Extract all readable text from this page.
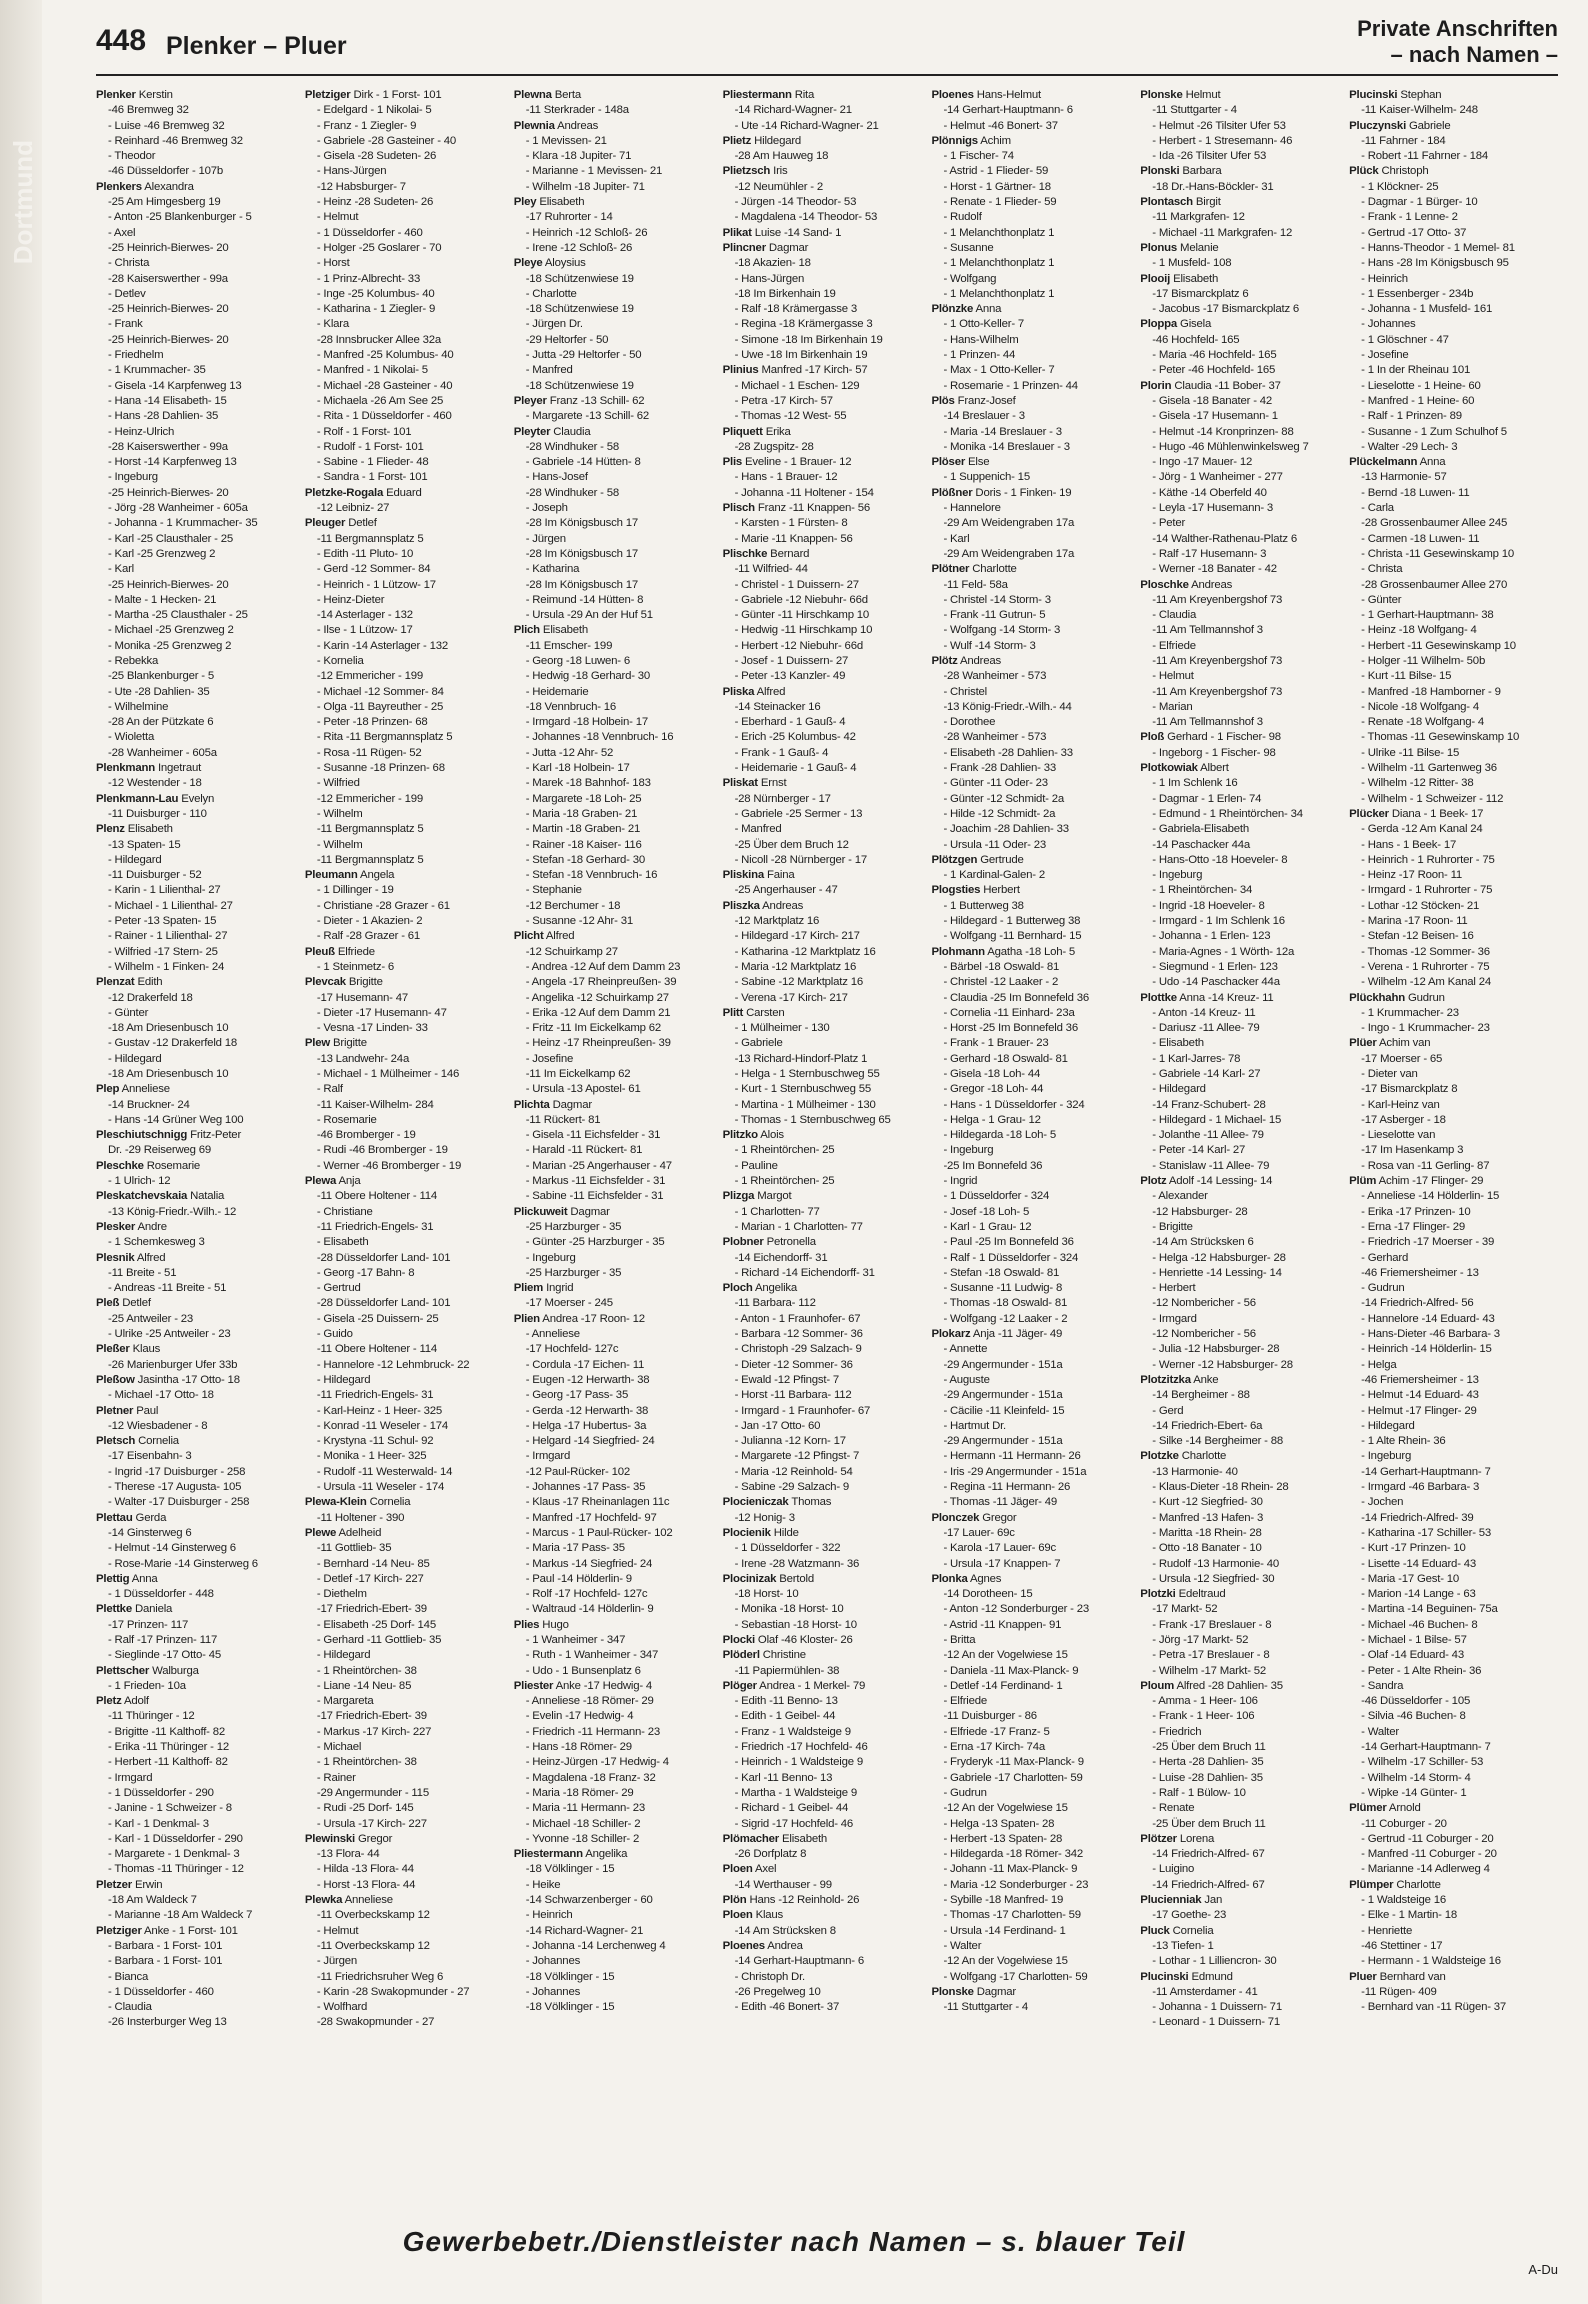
Dortmund
448 Plenker – Pluer
Private Anschriften
– nach Namen –
Plenker Kerstin
-46 Bremweg 32
- Luise -46 Bremweg 32
- Reinhard -46 Bremweg 32
- Theodor
-46 Düsseldorfer - 107b
Plenkers Alexandra
-25 Am Himgesberg 19
- Anton -25 Blankenburger - 5
- Axel
-25 Heinrich-Bierwes- 20
- Christa
-28 Kaiserswerther - 99a
- Detlev
-25 Heinrich-Bierwes- 20
- Frank
-25 Heinrich-Bierwes- 20
- Friedhelm
- 1 Krummacher- 35
- Gisela -14 Karpfenweg 13
- Hana -14 Elisabeth- 15
- Hans -28 Dahlien- 35
- Heinz-Ulrich
-28 Kaiserswerther - 99a
- Horst -14 Karpfenweg 13
- Ingeburg
-25 Heinrich-Bierwes- 20
- Jörg -28 Wanheimer - 605a
- Johanna - 1 Krummacher- 35
- Karl -25 Clausthaler - 25
- Karl -25 Grenzweg 2
- Karl
-25 Heinrich-Bierwes- 20
- Malte - 1 Hecken- 21
- Martha -25 Clausthaler - 25
- Michael -25 Grenzweg 2
- Monika -25 Grenzweg 2
- Rebekka
-25 Blankenburger - 5
- Ute -28 Dahlien- 35
- Wilhelmine
-28 An der Pützkate 6
- Wioletta
-28 Wanheimer - 605a
Plenkmann Ingetraut
-12 Westender - 18
Plenkmann-Lau Evelyn
-11 Duisburger - 110
Plenz Elisabeth
-13 Spaten- 15
- Hildegard
-11 Duisburger - 52
- Karin - 1 Lilienthal- 27
- Michael - 1 Lilienthal- 27
- Peter -13 Spaten- 15
- Rainer - 1 Lilienthal- 27
- Wilfried -17 Stern- 25
- Wilhelm - 1 Finken- 24
Plenzat Edith
-12 Drakerfeld 18
- Günter
-18 Am Driesenbusch 10
- Gustav -12 Drakerfeld 18
- Hildegard
-18 Am Driesenbusch 10
Plep Anneliese
-14 Bruckner- 24
- Hans -14 Grüner Weg 100
Pleschiutschnigg Fritz-Peter
Dr. -29 Reiserweg 69
Pleschke Rosemarie
- 1 Ulrich- 12
Pleskatchevskaia Natalia
-13 König-Friedr.-Wilh.- 12
Plesker Andre
- 1 Schemkesweg 3
Plesnik Alfred
-11 Breite - 51
- Andreas -11 Breite - 51
Pleß Detlef
-25 Antweiler - 23
- Ulrike -25 Antweiler - 23
Pleßer Klaus
-26 Marienburger Ufer 33b
Pleßow Jasintha -17 Otto- 18
- Michael -17 Otto- 18
Pletner Paul
-12 Wiesbadener - 8
Pletsch Cornelia
-17 Eisenbahn- 3
- Ingrid -17 Duisburger - 258
- Therese -17 Augusta- 105
- Walter -17 Duisburger - 258
Plettau Gerda
-14 Ginsterweg 6
- Helmut -14 Ginsterweg 6
- Rose-Marie -14 Ginsterweg 6
Plettig Anna
- 1 Düsseldorfer - 448
Plettke Daniela
-17 Prinzen- 117
- Ralf -17 Prinzen- 117
- Sieglinde -17 Otto- 45
Plettscher Walburga
- 1 Frieden- 10a
Pletz Adolf
-11 Thüringer - 12
- Brigitte -11 Kalthoff- 82
- Erika -11 Thüringer - 12
- Herbert -11 Kalthoff- 82
- Irmgard
- 1 Düsseldorfer - 290
- Janine - 1 Schweizer - 8
- Karl - 1 Denkmal- 3
- Karl - 1 Düsseldorfer - 290
- Margarete - 1 Denkmal- 3
- Thomas -11 Thüringer - 12
Pletzer Erwin
-18 Am Waldeck 7
- Marianne -18 Am Waldeck 7
Pletziger Anke - 1 Forst- 101
- Barbara - 1 Forst- 101
- Barbara - 1 Forst- 101
- Bianca
- 1 Düsseldorfer - 460
- Claudia
-26 Insterburger Weg 13
Pletziger Dirk - 1 Forst- 101
- Edelgard - 1 Nikolai- 5
- Franz - 1 Ziegler- 9
- Gabriele -28 Gasteiner - 40
- Gisela -28 Sudeten- 26
- Hans-Jürgen
-12 Habsburger- 7
- Heinz -28 Sudeten- 26
- Helmut
- 1 Düsseldorfer - 460
- Holger -25 Goslarer - 70
- Horst
- 1 Prinz-Albrecht- 33
- Inge -25 Kolumbus- 40
- Katharina - 1 Ziegler- 9
- Klara
-28 Innsbrucker Allee 32a
- Manfred -25 Kolumbus- 40
- Manfred - 1 Nikolai- 5
- Michael -28 Gasteiner - 40
- Michaela -26 Am See 25
- Rita - 1 Düsseldorfer - 460
- Rolf - 1 Forst- 101
- Rudolf - 1 Forst- 101
- Sabine - 1 Flieder- 48
- Sandra - 1 Forst- 101
Pletzke-Rogala Eduard
-12 Leibniz- 27
Pleuger Detlef
-11 Bergmannsplatz 5
- Edith -11 Pluto- 10
- Gerd -12 Sommer- 84
- Heinrich - 1 Lützow- 17
- Heinz-Dieter
-14 Asterlager - 132
- Ilse - 1 Lützow- 17
- Karin -14 Asterlager - 132
- Kornelia
-12 Emmericher - 199
- Michael -12 Sommer- 84
- Olga -11 Bayreuther - 25
- Peter -18 Prinzen- 68
- Rita -11 Bergmannsplatz 5
- Rosa -11 Rügen- 52
- Susanne -18 Prinzen- 68
- Wilfried
-12 Emmericher - 199
- Wilhelm
-11 Bergmannsplatz 5
- Wilhelm
-11 Bergmannsplatz 5
Pleumann Angela
- 1 Dillinger - 19
- Christiane -28 Grazer - 61
- Dieter - 1 Akazien- 2
- Ralf -28 Grazer - 61
Pleuß Elfriede
- 1 Steinmetz- 6
Plevcak Brigitte
-17 Husemann- 47
- Dieter -17 Husemann- 47
- Vesna -17 Linden- 33
Plew Brigitte
-13 Landwehr- 24a
- Michael - 1 Mülheimer - 146
- Ralf
-11 Kaiser-Wilhelm- 284
- Rosemarie
-46 Bromberger - 19
- Rudi -46 Bromberger - 19
- Werner -46 Bromberger - 19
Plewa Anja
-11 Obere Holtener - 114
- Christiane
-11 Friedrich-Engels- 31
- Elisabeth
-28 Düsseldorfer Land- 101
- Georg -17 Bahn- 8
- Gertrud
-28 Düsseldorfer Land- 101
- Gisela -25 Duissern- 25
- Guido
-11 Obere Holtener - 114
- Hannelore -12 Lehmbruck- 22
- Hildegard
-11 Friedrich-Engels- 31
- Karl-Heinz - 1 Heer- 325
- Konrad -11 Weseler - 174
- Krystyna -11 Schul- 92
- Monika - 1 Heer- 325
- Rudolf -11 Westerwald- 14
- Ursula -11 Weseler - 174
Plewa-Klein Cornelia
-11 Holtener - 390
Plewe Adelheid
-11 Gottlieb- 35
- Bernhard -14 Neu- 85
- Detlef -17 Kirch- 227
- Diethelm
-17 Friedrich-Ebert- 39
- Elisabeth -25 Dorf- 145
- Gerhard -11 Gottlieb- 35
- Hildegard
- 1 Rheintörchen- 38
- Liane -14 Neu- 85
- Margareta
-17 Friedrich-Ebert- 39
- Markus -17 Kirch- 227
- Michael
- 1 Rheintörchen- 38
- Rainer
-29 Angermunder - 115
- Rudi -25 Dorf- 145
- Ursula -17 Kirch- 227
Plewinski Gregor
-13 Flora- 44
- Hilda -13 Flora- 44
- Horst -13 Flora- 44
Plewka Anneliese
-11 Overbeckskamp 12
- Helmut
-11 Overbeckskamp 12
- Jürgen
-11 Friedrichsruher Weg 6
- Karin -28 Swakopmunder - 27
- Wolfhard
-28 Swakopmunder - 27
Plewna Berta
-11 Sterkrader - 148a
Plewnia Andreas
- 1 Mevissen- 21
- Klara -18 Jupiter- 71
- Marianne - 1 Mevissen- 21
- Wilhelm -18 Jupiter- 71
Pley Elisabeth
-17 Ruhrorter - 14
- Heinrich -12 Schloß- 26
- Irene -12 Schloß- 26
Pleye Aloysius
-18 Schützenwiese 19
- Charlotte
-18 Schützenwiese 19
- Jürgen Dr.
-29 Heltorfer - 50
- Jutta -29 Heltorfer - 50
- Manfred
-18 Schützenwiese 19
Pleyer Franz -13 Schill- 62
- Margarete -13 Schill- 62
Pleyter Claudia
-28 Windhuker - 58
- Gabriele -14 Hütten- 8
- Hans-Josef
-28 Windhuker - 58
- Joseph
-28 Im Königsbusch 17
- Jürgen
-28 Im Königsbusch 17
- Katharina
-28 Im Königsbusch 17
- Reimund -14 Hütten- 8
- Ursula -29 An der Huf 51
Plich Elisabeth
-11 Emscher- 199
- Georg -18 Luwen- 6
- Hedwig -18 Gerhard- 30
- Heidemarie
-18 Vennbruch- 16
- Irmgard -18 Holbein- 17
- Johannes -18 Vennbruch- 16
- Jutta -12 Ahr- 52
- Karl -18 Holbein- 17
- Marek -18 Bahnhof- 183
- Margarete -18 Loh- 25
- Maria -18 Graben- 21
- Martin -18 Graben- 21
- Rainer -18 Kaiser- 116
- Stefan -18 Gerhard- 30
- Stefan -18 Vennbruch- 16
- Stephanie
-12 Berchumer - 18
- Susanne -12 Ahr- 31
Plicht Alfred
-12 Schuirkamp 27
- Andrea -12 Auf dem Damm 23
- Angela -17 Rheinpreußen- 39
- Angelika -12 Schuirkamp 27
- Erika -12 Auf dem Damm 21
- Fritz -11 Im Eickelkamp 62
- Heinz -17 Rheinpreußen- 39
- Josefine
-11 Im Eickelkamp 62
- Ursula -13 Apostel- 61
Plichta Dagmar
-11 Rückert- 81
- Gisela -11 Eichsfelder - 31
- Harald -11 Rückert- 81
- Marian -25 Angerhauser - 47
- Markus -11 Eichsfelder - 31
- Sabine -11 Eichsfelder - 31
Plickuweit Dagmar
-25 Harzburger - 35
- Günter -25 Harzburger - 35
- Ingeburg
-25 Harzburger - 35
Pliem Ingrid
-17 Moerser - 245
Plien Andrea -17 Roon- 12
- Anneliese
-17 Hochfeld- 127c
- Cordula -17 Eichen- 11
- Eugen -12 Herwarth- 38
- Georg -17 Pass- 35
- Gerda -12 Herwarth- 38
- Helga -17 Hubertus- 3a
- Helgard -14 Siegfried- 24
- Irmgard
-12 Paul-Rücker- 102
- Johannes -17 Pass- 35
- Klaus -17 Rheinanlagen 11c
- Manfred -17 Hochfeld- 97
- Marcus - 1 Paul-Rücker- 102
- Maria -17 Pass- 35
- Markus -14 Siegfried- 24
- Paul -14 Hölderlin- 9
- Rolf -17 Hochfeld- 127c
- Waltraud -14 Hölderlin- 9
Plies Hugo
- 1 Wanheimer - 347
- Ruth - 1 Wanheimer - 347
- Udo - 1 Bunsenplatz 6
Pliester Anke -17 Hedwig- 4
- Anneliese -18 Römer- 29
- Evelin -17 Hedwig- 4
- Friedrich -11 Hermann- 23
- Hans -18 Römer- 29
- Heinz-Jürgen -17 Hedwig- 4
- Magdalena -18 Franz- 32
- Maria -18 Römer- 29
- Maria -11 Hermann- 23
- Michael -18 Schiller- 2
- Yvonne -18 Schiller- 2
Pliestermann Angelika
-18 Völklinger - 15
- Heike
-14 Schwarzenberger - 60
- Heinrich
-14 Richard-Wagner- 21
- Johanna -14 Lerchenweg 4
- Johannes
-18 Völklinger - 15
- Johannes
-18 Völklinger - 15
Pliestermann Rita
-14 Richard-Wagner- 21
- Ute -14 Richard-Wagner- 21
Plietz Hildegard
-28 Am Hauweg 18
Plietzsch Iris
-12 Neumühler - 2
- Jürgen -14 Theodor- 53
- Magdalena -14 Theodor- 53
Plikat Luise -14 Sand- 1
Plincner Dagmar
-18 Akazien- 18
- Hans-Jürgen
-18 Im Birkenhain 19
- Ralf -18 Krämergasse 3
- Regina -18 Krämergasse 3
- Simone -18 Im Birkenhain 19
- Uwe -18 Im Birkenhain 19
Plinius Manfred -17 Kirch- 57
- Michael - 1 Eschen- 129
- Petra -17 Kirch- 57
- Thomas -12 West- 55
Pliquett Erika
-28 Zugspitz- 28
Plis Eveline - 1 Brauer- 12
- Hans - 1 Brauer- 12
- Johanna -11 Holtener - 154
Plisch Franz -11 Knappen- 56
- Karsten - 1 Fürsten- 8
- Marie -11 Knappen- 56
Plischke Bernard
-11 Wilfried- 44
- Christel - 1 Duissern- 27
- Gabriele -12 Niebuhr- 66d
- Günter -11 Hirschkamp 10
- Hedwig -11 Hirschkamp 10
- Herbert -12 Niebuhr- 66d
- Josef - 1 Duissern- 27
- Peter -13 Kanzler- 49
Pliska Alfred
-14 Steinacker 16
- Eberhard - 1 Gauß- 4
- Erich -25 Kolumbus- 42
- Frank - 1 Gauß- 4
- Heidemarie - 1 Gauß- 4
Pliskat Ernst
-28 Nürnberger - 17
- Gabriele -25 Sermer - 13
- Manfred
-25 Über dem Bruch 12
- Nicoll -28 Nürnberger - 17
Pliskina Faina
-25 Angerhauser - 47
Pliszka Andreas
-12 Marktplatz 16
- Hildegard -17 Kirch- 217
- Katharina -12 Marktplatz 16
- Maria -12 Marktplatz 16
- Sabine -12 Marktplatz 16
- Verena -17 Kirch- 217
Plitt Carsten
- 1 Mülheimer - 130
- Gabriele
-13 Richard-Hindorf-Platz 1
- Helga - 1 Sternbuschweg 55
- Kurt - 1 Sternbuschweg 55
- Martina - 1 Mülheimer - 130
- Thomas - 1 Sternbuschweg 65
Plitzko Alois
- 1 Rheintörchen- 25
- Pauline
- 1 Rheintörchen- 25
Plizga Margot
- 1 Charlotten- 77
- Marian - 1 Charlotten- 77
Plobner Petronella
-14 Eichendorff- 31
- Richard -14 Eichendorff- 31
Ploch Angelika
-11 Barbara- 112
- Anton - 1 Fraunhofer- 67
- Barbara -12 Sommer- 36
- Christoph -29 Salzach- 9
- Dieter -12 Sommer- 36
- Ewald -12 Pfingst- 7
- Horst -11 Barbara- 112
- Irmgard - 1 Fraunhofer- 67
- Jan -17 Otto- 60
- Julianna -12 Korn- 17
- Margarete -12 Pfingst- 7
- Maria -12 Reinhold- 54
- Sabine -29 Salzach- 9
Plocieniczak Thomas
-12 Honig- 3
Plocienik Hilde
- 1 Düsseldorfer - 322
- Irene -28 Watzmann- 36
Plocinizak Bertold
-18 Horst- 10
- Monika -18 Horst- 10
- Sebastian -18 Horst- 10
Plocki Olaf -46 Kloster- 26
Plöderl Christine
-11 Papiermühlen- 38
Plöger Andrea - 1 Merkel- 79
- Edith -11 Benno- 13
- Edith - 1 Geibel- 44
- Franz - 1 Waldsteige 9
- Friedrich -17 Hochfeld- 46
- Heinrich - 1 Waldsteige 9
- Karl -11 Benno- 13
- Martha - 1 Waldsteige 9
- Richard - 1 Geibel- 44
- Sigrid -17 Hochfeld- 46
Plömacher Elisabeth
-26 Dorfplatz 8
Ploen Axel
-14 Werthauser - 99
Plön Hans -12 Reinhold- 26
Ploen Klaus
-14 Am Strücksken 8
Ploenes Andrea
-14 Gerhart-Hauptmann- 6
- Christoph Dr.
-26 Pregelweg 10
- Edith -46 Bonert- 37
Ploenes Hans-Helmut
-14 Gerhart-Hauptmann- 6
- Helmut -46 Bonert- 37
Plönnigs Achim
- 1 Fischer- 74
- Astrid - 1 Flieder- 59
- Horst - 1 Gärtner- 18
- Renate - 1 Flieder- 59
- Rudolf
- 1 Melanchthonplatz 1
- Susanne
- 1 Melanchthonplatz 1
- Wolfgang
- 1 Melanchthonplatz 1
Plönzke Anna
- 1 Otto-Keller- 7
- Hans-Wilhelm
- 1 Prinzen- 44
- Max - 1 Otto-Keller- 7
- Rosemarie - 1 Prinzen- 44
Plös Franz-Josef
-14 Breslauer - 3
- Maria -14 Breslauer - 3
- Monika -14 Breslauer - 3
Plöser Else
- 1 Suppenich- 15
Plößner Doris - 1 Finken- 19
- Hannelore
-29 Am Weidengraben 17a
- Karl
-29 Am Weidengraben 17a
Plötner Charlotte
-11 Feld- 58a
- Christel -14 Storm- 3
- Frank -11 Gutrun- 5
- Wolfgang -14 Storm- 3
- Wulf -14 Storm- 3
Plötz Andreas
-28 Wanheimer - 573
- Christel
-13 König-Friedr.-Wilh.- 44
- Dorothee
-28 Wanheimer - 573
- Elisabeth -28 Dahlien- 33
- Frank -28 Dahlien- 33
- Günter -11 Oder- 23
- Günter -12 Schmidt- 2a
- Hilde -12 Schmidt- 2a
- Joachim -28 Dahlien- 33
- Ursula -11 Oder- 23
Plötzgen Gertrude
- 1 Kardinal-Galen- 2
Plogsties Herbert
- 1 Butterweg 38
- Hildegard - 1 Butterweg 38
- Wolfgang -11 Bernhard- 15
Plohmann Agatha -18 Loh- 5
- Bärbel -18 Oswald- 81
- Christel -12 Laaker - 2
- Claudia -25 Im Bonnefeld 36
- Cornelia -11 Einhard- 23a
- Horst -25 Im Bonnefeld 36
- Frank - 1 Brauer- 23
- Gerhard -18 Oswald- 81
- Gisela -18 Loh- 44
- Gregor -18 Loh- 44
- Hans - 1 Düsseldorfer - 324
- Helga - 1 Grau- 12
- Hildegarda -18 Loh- 5
- Ingeburg
-25 Im Bonnefeld 36
- Ingrid
- 1 Düsseldorfer - 324
- Josef -18 Loh- 5
- Karl - 1 Grau- 12
- Paul -25 Im Bonnefeld 36
- Ralf - 1 Düsseldorfer - 324
- Stefan -18 Oswald- 81
- Susanne -11 Ludwig- 8
- Thomas -18 Oswald- 81
- Wolfgang -12 Laaker - 2
Plokarz Anja -11 Jäger- 49
- Annette
-29 Angermunder - 151a
- Auguste
-29 Angermunder - 151a
- Cäcilie -11 Kleinfeld- 15
- Hartmut Dr.
-29 Angermunder - 151a
- Hermann -11 Hermann- 26
- Iris -29 Angermunder - 151a
- Regina -11 Hermann- 26
- Thomas -11 Jäger- 49
Plonczek Gregor
-17 Lauer- 69c
- Karola -17 Lauer- 69c
- Ursula -17 Knappen- 7
Plonka Agnes
-14 Dorotheen- 15
- Anton -12 Sonderburger - 23
- Astrid -11 Knappen- 91
- Britta
-12 An der Vogelwiese 15
- Daniela -11 Max-Planck- 9
- Detlef -14 Ferdinand- 1
- Elfriede
-11 Duisburger - 86
- Elfriede -17 Franz- 5
- Erna -17 Kirch- 74a
- Fryderyk -11 Max-Planck- 9
- Gabriele -17 Charlotten- 59
- Gudrun
-12 An der Vogelwiese 15
- Helga -13 Spaten- 28
- Herbert -13 Spaten- 28
- Hildegarda -18 Römer- 342
- Johann -11 Max-Planck- 9
- Maria -12 Sonderburger - 23
- Sybille -18 Manfred- 19
- Thomas -17 Charlotten- 59
- Ursula -14 Ferdinand- 1
- Walter
-12 An der Vogelwiese 15
- Wolfgang -17 Charlotten- 59
Plonske Dagmar
-11 Stuttgarter - 4
Plonske Helmut
-11 Stuttgarter - 4
- Helmut -26 Tilsiter Ufer 53
- Herbert - 1 Stresemann- 46
- Ida -26 Tilsiter Ufer 53
Plonski Barbara
-18 Dr.-Hans-Böckler- 31
Plontasch Birgit
-11 Markgrafen- 12
- Michael -11 Markgrafen- 12
Plonus Melanie
- 1 Musfeld- 108
Plooij Elisabeth
-17 Bismarckplatz 6
- Jacobus -17 Bismarckplatz 6
Ploppa Gisela
-46 Hochfeld- 165
- Maria -46 Hochfeld- 165
- Peter -46 Hochfeld- 165
Plorin Claudia -11 Bober- 37
- Gisela -18 Banater - 42
- Gisela -17 Husemann- 1
- Helmut -14 Kronprinzen- 88
- Hugo -46 Mühlenwinkelsweg 7
- Ingo -17 Mauer- 12
- Jörg - 1 Wanheimer - 277
- Käthe -14 Oberfeld 40
- Leyla -17 Husemann- 3
- Peter
-14 Walther-Rathenau-Platz 6
- Ralf -17 Husemann- 3
- Werner -18 Banater - 42
Ploschke Andreas
-11 Am Kreyenbergshof 73
- Claudia
-11 Am Tellmannshof 3
- Elfriede
-11 Am Kreyenbergshof 73
- Helmut
-11 Am Kreyenbergshof 73
- Marian
-11 Am Tellmannshof 3
Ploß Gerhard - 1 Fischer- 98
- Ingeborg - 1 Fischer- 98
Plotkowiak Albert
- 1 Im Schlenk 16
- Dagmar - 1 Erlen- 74
- Edmund - 1 Rheintörchen- 34
- Gabriela-Elisabeth
-14 Paschacker 44a
- Hans-Otto -18 Hoeveler- 8
- Ingeburg
- 1 Rheintörchen- 34
- Ingrid -18 Hoeveler- 8
- Irmgard - 1 Im Schlenk 16
- Johanna - 1 Erlen- 123
- Maria-Agnes - 1 Wörth- 12a
- Siegmund - 1 Erlen- 123
- Udo -14 Paschacker 44a
Plottke Anna -14 Kreuz- 11
- Anton -14 Kreuz- 11
- Dariusz -11 Allee- 79
- Elisabeth
- 1 Karl-Jarres- 78
- Gabriele -14 Karl- 27
- Hildegard
-14 Franz-Schubert- 28
- Hildegard - 1 Michael- 15
- Jolanthe -11 Allee- 79
- Peter -14 Karl- 27
- Stanislaw -11 Allee- 79
Plotz Adolf -14 Lessing- 14
- Alexander
-12 Habsburger- 28
- Brigitte
-14 Am Strücksken 6
- Helga -12 Habsburger- 28
- Henriette -14 Lessing- 14
- Herbert
-12 Nombericher - 56
- Irmgard
-12 Nombericher - 56
- Julia -12 Habsburger- 28
- Werner -12 Habsburger- 28
Plotzitzka Anke
-14 Bergheimer - 88
- Gerd
-14 Friedrich-Ebert- 6a
- Silke -14 Bergheimer - 88
Plotzke Charlotte
-13 Harmonie- 40
- Klaus-Dieter -18 Rhein- 28
- Kurt -12 Siegfried- 30
- Manfred -13 Hafen- 3
- Maritta -18 Rhein- 28
- Otto -18 Banater - 10
- Rudolf -13 Harmonie- 40
- Ursula -12 Siegfried- 30
Plotzki Edeltraud
-17 Markt- 52
- Frank -17 Breslauer - 8
- Jörg -17 Markt- 52
- Petra -17 Breslauer - 8
- Wilhelm -17 Markt- 52
Ploum Alfred -28 Dahlien- 35
- Amma - 1 Heer- 106
- Frank - 1 Heer- 106
- Friedrich
-25 Über dem Bruch 11
- Herta -28 Dahlien- 35
- Luise -28 Dahlien- 35
- Ralf - 1 Bülow- 10
- Renate
-25 Über dem Bruch 11
Plötzer Lorena
-14 Friedrich-Alfred- 67
- Luigino
-14 Friedrich-Alfred- 67
Plucienniak Jan
-17 Goethe- 23
Pluck Cornelia
-13 Tiefen- 1
- Lothar - 1 Lilliencron- 30
Plucinski Edmund
-11 Amsterdamer - 41
- Johanna - 1 Duissern- 71
- Leonard - 1 Duissern- 71
Plucinski Stephan
-11 Kaiser-Wilhelm- 248
Pluczynski Gabriele
-11 Fahrner - 184
- Robert -11 Fahrner - 184
Plück Christoph
- 1 Klöckner- 25
- Dagmar - 1 Bürger- 10
- Frank - 1 Lenne- 2
- Gertrud -17 Otto- 37
- Hanns-Theodor - 1 Memel- 81
- Hans -28 Im Königsbusch 95
- Heinrich
- 1 Essenberger - 234b
- Johanna - 1 Musfeld- 161
- Johannes
- 1 Glöschner - 47
- Josefine
- 1 In der Rheinau 101
- Lieselotte - 1 Heine- 60
- Manfred - 1 Heine- 60
- Ralf - 1 Prinzen- 89
- Susanne - 1 Zum Schulhof 5
- Walter -29 Lech- 3
Plückelmann Anna
-13 Harmonie- 57
- Bernd -18 Luwen- 11
- Carla
-28 Grossenbaumer Allee 245
- Carmen -18 Luwen- 11
- Christa -11 Gesewinskamp 10
- Christa
-28 Grossenbaumer Allee 270
- Günter
- 1 Gerhart-Hauptmann- 38
- Heinz -18 Wolfgang- 4
- Herbert -11 Gesewinskamp 10
- Holger -11 Wilhelm- 50b
- Kurt -11 Bilse- 15
- Manfred -18 Hamborner - 9
- Nicole -18 Wolfgang- 4
- Renate -18 Wolfgang- 4
- Thomas -11 Gesewinskamp 10
- Ulrike -11 Bilse- 15
- Wilhelm -11 Gartenweg 36
- Wilhelm -12 Ritter- 38
- Wilhelm - 1 Schweizer - 112
Plücker Diana - 1 Beek- 17
- Gerda -12 Am Kanal 24
- Hans - 1 Beek- 17
- Heinrich - 1 Ruhrorter - 75
- Heinz -17 Roon- 11
- Irmgard - 1 Ruhrorter - 75
- Lothar -12 Stöcken- 21
- Marina -17 Roon- 11
- Stefan -12 Beisen- 16
- Thomas -12 Sommer- 36
- Verena - 1 Ruhrorter - 75
- Wilhelm -12 Am Kanal 24
Plückhahn Gudrun
- 1 Krummacher- 23
- Ingo - 1 Krummacher- 23
Plüer Achim van
-17 Moerser - 65
- Dieter van
-17 Bismarckplatz 8
- Karl-Heinz van
-17 Asberger - 18
- Lieselotte van
-17 Im Hasenkamp 3
- Rosa van -11 Gerling- 87
Plüm Achim -17 Flinger- 29
- Anneliese -14 Hölderlin- 15
- Erika -17 Prinzen- 10
- Erna -17 Flinger- 29
- Friedrich -17 Moerser - 39
- Gerhard
-46 Friemersheimer - 13
- Gudrun
-14 Friedrich-Alfred- 56
- Hannelore -14 Eduard- 43
- Hans-Dieter -46 Barbara- 3
- Heinrich -14 Hölderlin- 15
- Helga
-46 Friemersheimer - 13
- Helmut -14 Eduard- 43
- Helmut -17 Flinger- 29
- Hildegard
- 1 Alte Rhein- 36
- Ingeburg
-14 Gerhart-Hauptmann- 7
- Irmgard -46 Barbara- 3
- Jochen
-14 Friedrich-Alfred- 39
- Katharina -17 Schiller- 53
- Kurt -17 Prinzen- 10
- Lisette -14 Eduard- 43
- Maria -17 Gest- 10
- Marion -14 Lange - 63
- Martina -14 Beguinen- 75a
- Michael -46 Buchen- 8
- Michael - 1 Bilse- 57
- Olaf -14 Eduard- 43
- Peter - 1 Alte Rhein- 36
- Sandra
-46 Düsseldorfer - 105
- Silvia -46 Buchen- 8
- Walter
-14 Gerhart-Hauptmann- 7
- Wilhelm -17 Schiller- 53
- Wilhelm -14 Storm- 4
- Wipke -14 Günter- 1
Plümer Arnold
-11 Coburger - 20
- Gertrud -11 Coburger - 20
- Manfred -11 Coburger - 20
- Marianne -14 Adlerweg 4
Plümper Charlotte
- 1 Waldsteige 16
- Elke - 1 Martin- 18
- Henriette
-46 Stettiner - 17
- Hermann - 1 Waldsteige 16
Pluer Bernhard van
-11 Rügen- 409
- Bernhard van -11 Rügen- 37
Gewerbebetr./Dienstleister nach Namen – s. blauer Teil
A-Du
